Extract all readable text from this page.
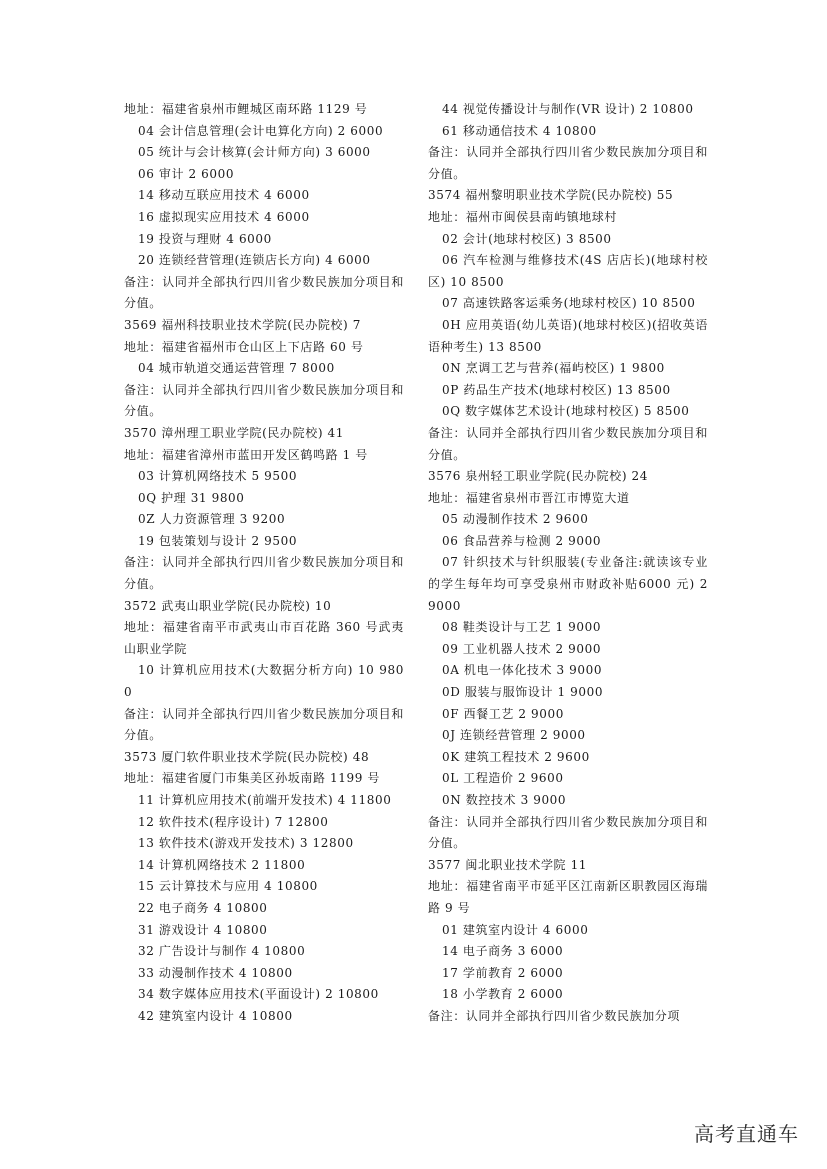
地址：福建省泉州市鲤城区南环路 1129 号

04 会计信息管理(会计电算化方向) 2 6000

05 统计与会计核算(会计师方向) 3 6000

06 审计 2 6000

14 移动互联应用技术 4 6000

16 虚拟现实应用技术 4 6000

19 投资与理财 4 6000

20 连锁经营管理(连锁店长方向) 4 6000

备注：认同并全部执行四川省少数民族加分项目和分值。

3569 福州科技职业技术学院(民办院校) 7

地址：福建省福州市仓山区上下店路 60 号

04 城市轨道交通运营管理 7 8000

备注：认同并全部执行四川省少数民族加分项目和分值。

3570 漳州理工职业学院(民办院校) 41

地址：福建省漳州市蓝田开发区鹤鸣路 1 号

03 计算机网络技术 5 9500

0Q 护理 31 9800

0Z 人力资源管理 3 9200

19 包装策划与设计 2 9500

备注：认同并全部执行四川省少数民族加分项目和分值。

3572 武夷山职业学院(民办院校) 10

地址：福建省南平市武夷山市百花路 360 号武夷山职业学院

10 计算机应用技术(大数据分析方向) 10 9800

备注：认同并全部执行四川省少数民族加分项目和分值。

3573 厦门软件职业技术学院(民办院校) 48

地址：福建省厦门市集美区孙坂南路 1199 号

11 计算机应用技术(前端开发技术) 4 11800

12 软件技术(程序设计) 7 12800

13 软件技术(游戏开发技术) 3 12800

14 计算机网络技术 2 11800

15 云计算技术与应用 4 10800

22 电子商务 4 10800

31 游戏设计 4 10800

32 广告设计与制作 4 10800

33 动漫制作技术 4 10800

34 数字媒体应用技术(平面设计) 2 10800

42 建筑室内设计 4 10800

44 视觉传播设计与制作(VR 设计) 2 10800

61 移动通信技术 4 10800

备注：认同并全部执行四川省少数民族加分项目和分值。

3574 福州黎明职业技术学院(民办院校) 55

地址：福州市闽侯县南屿镇地球村

02 会计(地球村校区) 3 8500

06 汽车检测与维修技术(4S 店店长)(地球村校区) 10 8500

07 高速铁路客运乘务(地球村校区) 10 8500

0H 应用英语(幼儿英语)(地球村校区)(招收英语语种考生) 13 8500

0N 烹调工艺与营养(福屿校区) 1 9800

0P 药品生产技术(地球村校区) 13 8500

0Q 数字媒体艺术设计(地球村校区) 5 8500

备注：认同并全部执行四川省少数民族加分项目和分值。

3576 泉州轻工职业学院(民办院校) 24

地址：福建省泉州市晋江市博览大道

05 动漫制作技术 2 9600

06 食品营养与检测 2 9000

07 针织技术与针织服装(专业备注:就读该专业的学生每年均可享受泉州市财政补贴6000 元) 2 9000

08 鞋类设计与工艺 1 9000

09 工业机器人技术 2 9000

0A 机电一体化技术 3 9000

0D 服装与服饰设计 1 9000

0F 西餐工艺 2 9000

0J 连锁经营管理 2 9000

0K 建筑工程技术 2 9600

0L 工程造价 2 9600

0N 数控技术 3 9000

备注：认同并全部执行四川省少数民族加分项目和分值。

3577 闽北职业技术学院 11

地址：福建省南平市延平区江南新区职教园区海瑞路 9 号

01 建筑室内设计 4 6000

14 电子商务 3 6000

17 学前教育 2 6000

18 小学教育 2 6000

备注：认同并全部执行四川省少数民族加分项

高考直通车
